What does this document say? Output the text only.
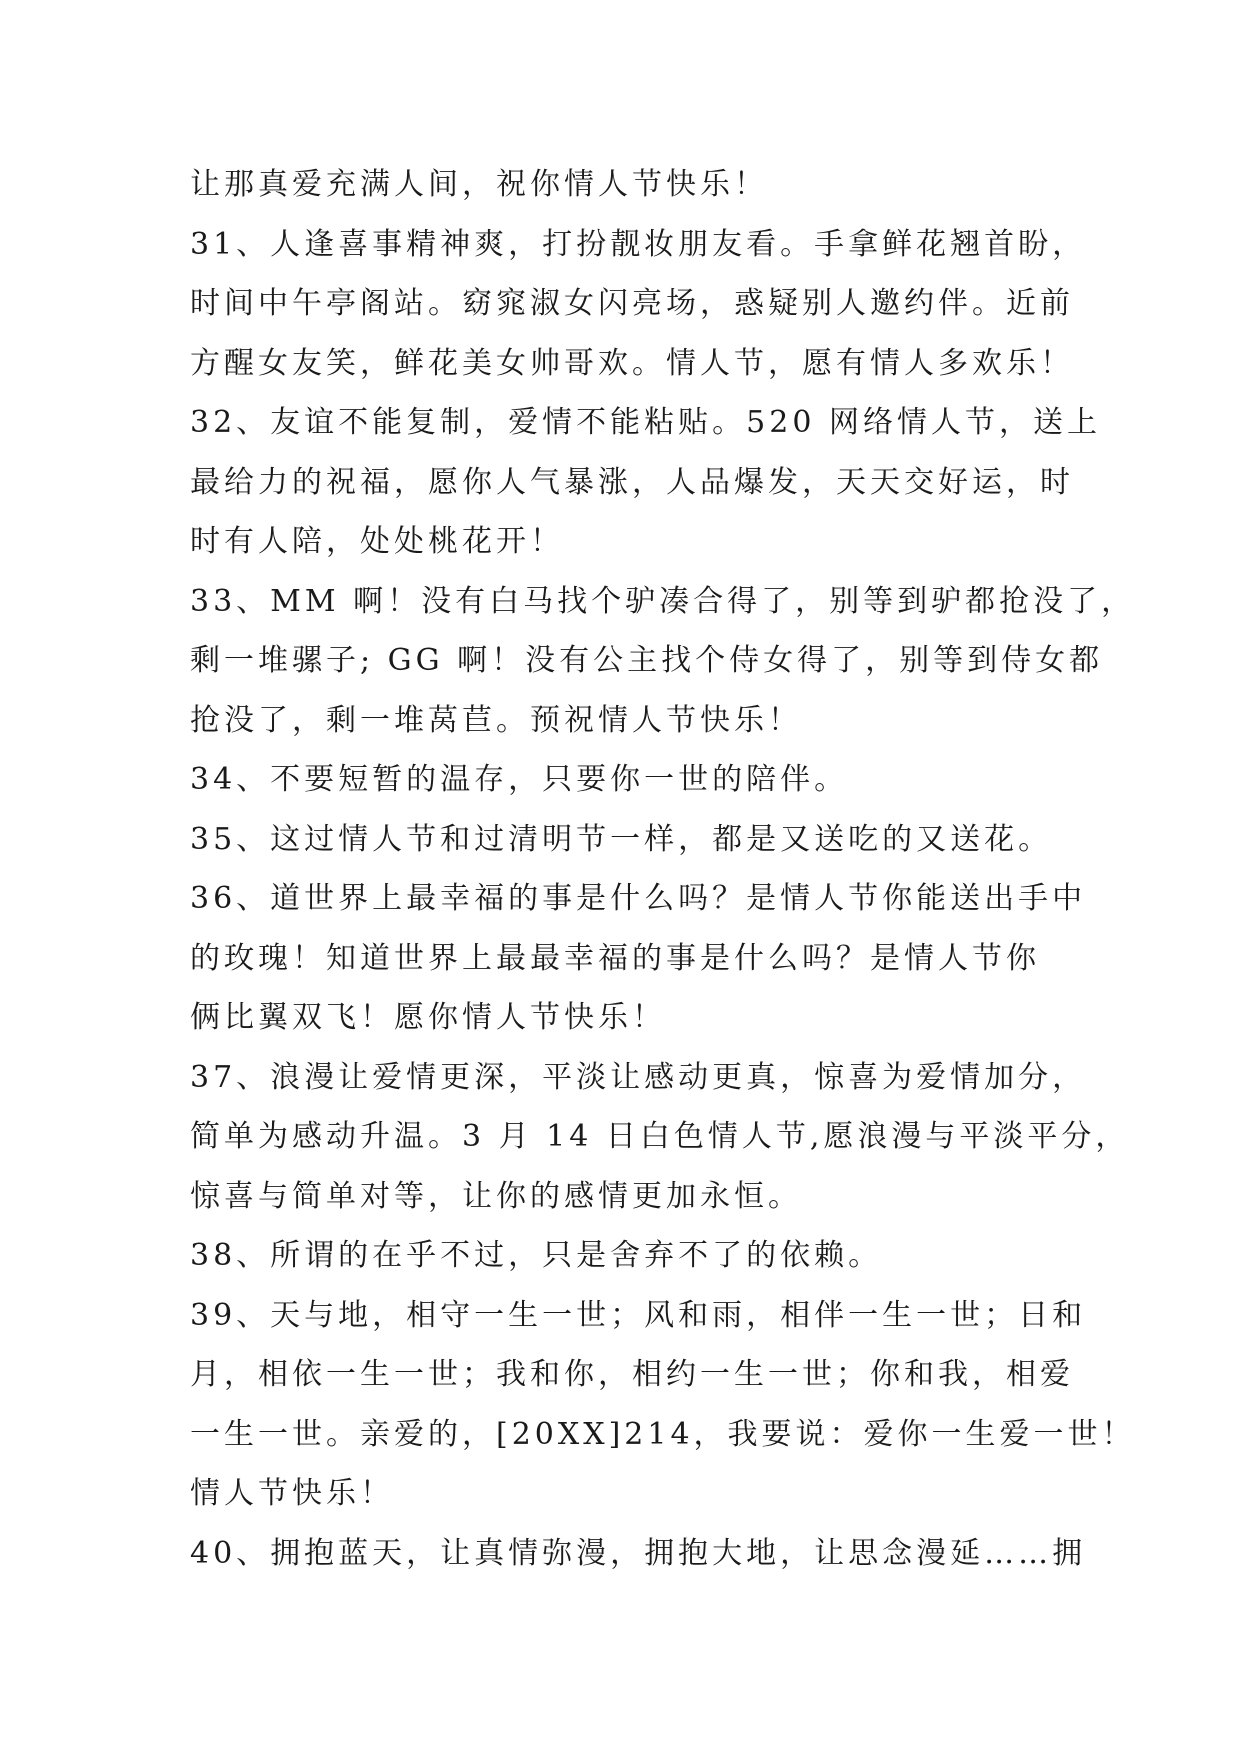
让那真爱充满人间，祝你情人节快乐！
31、人逢喜事精神爽，打扮靓妆朋友看。手拿鲜花翘首盼，
时间中午亭阁站。窈窕淑女闪亮场，惑疑别人邀约伴。近前
方醒女友笑，鲜花美女帅哥欢。情人节，愿有情人多欢乐！
32、友谊不能复制，爱情不能粘贴。520 网络情人节，送上
最给力的祝福，愿你人气暴涨，人品爆发，天天交好运，时
时有人陪，处处桃花开！
33、MM 啊！没有白马找个驴凑合得了，别等到驴都抢没了，
剩一堆骡子; GG 啊！没有公主找个侍女得了，别等到侍女都
抢没了，剩一堆莴苣。预祝情人节快乐！
34、不要短暂的温存，只要你一世的陪伴。
35、这过情人节和过清明节一样，都是又送吃的又送花。
36、道世界上最幸福的事是什么吗？是情人节你能送出手中
的玫瑰！知道世界上最最幸福的事是什么吗？是情人节你
俩比翼双飞！愿你情人节快乐！
37、浪漫让爱情更深，平淡让感动更真，惊喜为爱情加分，
简单为感动升温。3 月 14 日白色情人节,愿浪漫与平淡平分，
惊喜与简单对等，让你的感情更加永恒。
38、所谓的在乎不过，只是舍弃不了的依赖。
39、天与地，相守一生一世；风和雨，相伴一生一世；日和
月，相依一生一世；我和你，相约一生一世；你和我，相爱
一生一世。亲爱的，[20XX]214，我要说：爱你一生爱一世！
情人节快乐！
40、拥抱蓝天，让真情弥漫，拥抱大地，让思念漫延……拥
